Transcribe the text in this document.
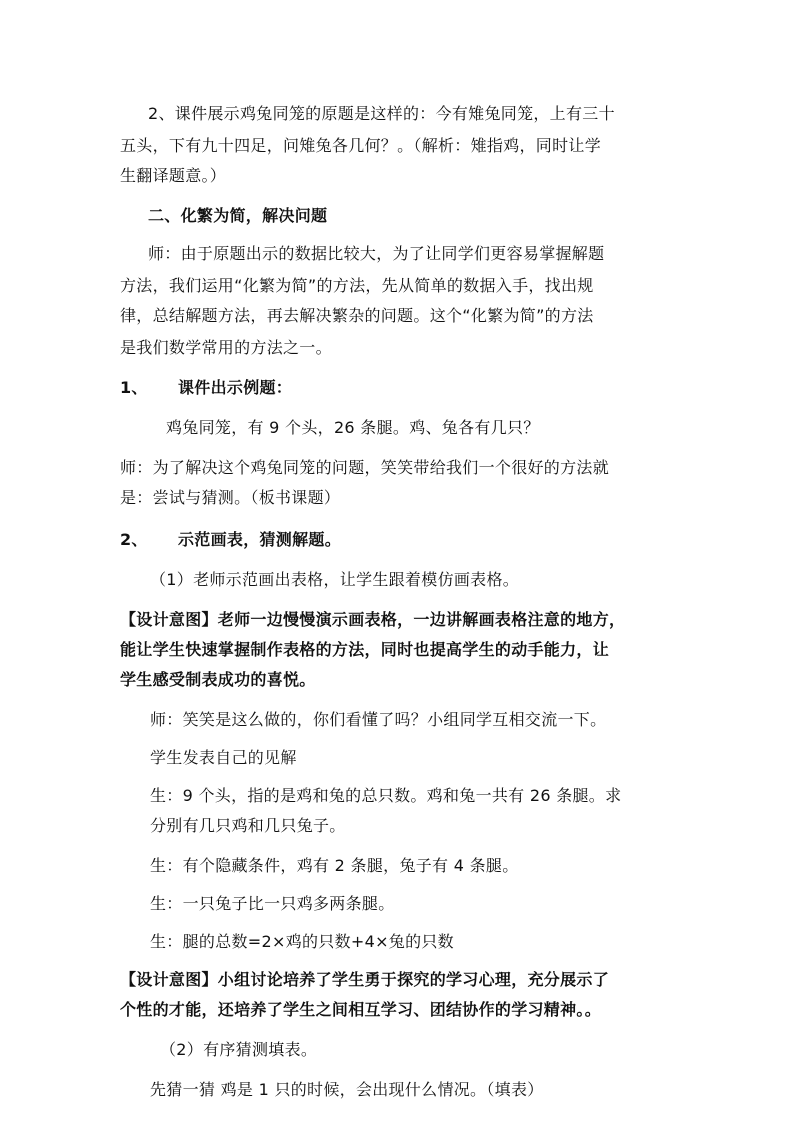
2、课件展示鸡兔同笼的原题是这样的：今有雉兔同笼，上有三十
五头，下有九十四足，问雉兔各几何？。（解析：雉指鸡，同时让学
生翻译题意。）
二、化繁为简，解决问题
师：由于原题出示的数据比较大，为了让同学们更容易掌握解题
方法，我们运用“化繁为简”的方法，先从简单的数据入手，找出规
律，总结解题方法，再去解决繁杂的问题。这个“化繁为简”的方法
是我们数学常用的方法之一。
1、 课件出示例题：
鸡兔同笼，有 9 个头，26 条腿。鸡、兔各有几只？
师：为了解决这个鸡兔同笼的问题，笑笑带给我们一个很好的方法就
是：尝试与猜测。（板书课题）
2、 示范画表，猜测解题。
（1）老师示范画出表格，让学生跟着模仿画表格。
【设计意图】老师一边慢慢演示画表格，一边讲解画表格注意的地方，
能让学生快速掌握制作表格的方法，同时也提高学生的动手能力，让
学生感受制表成功的喜悦。
师：笑笑是这么做的，你们看懂了吗？小组同学互相交流一下。
学生发表自己的见解
生：9 个头，指的是鸡和兔的总只数。鸡和兔一共有 26 条腿。求
分别有几只鸡和几只兔子。
生：有个隐藏条件，鸡有 2 条腿，兔子有 4 条腿。
生：一只兔子比一只鸡多两条腿。
生：腿的总数=2×鸡的只数+4×兔的只数
【设计意图】小组讨论培养了学生勇于探究的学习心理，充分展示了
个性的才能，还培养了学生之间相互学习、团结协作的学习精神。。
（2）有序猜测填表。
先猜一猜 鸡是 1 只的时候，会出现什么情况。（填表）
